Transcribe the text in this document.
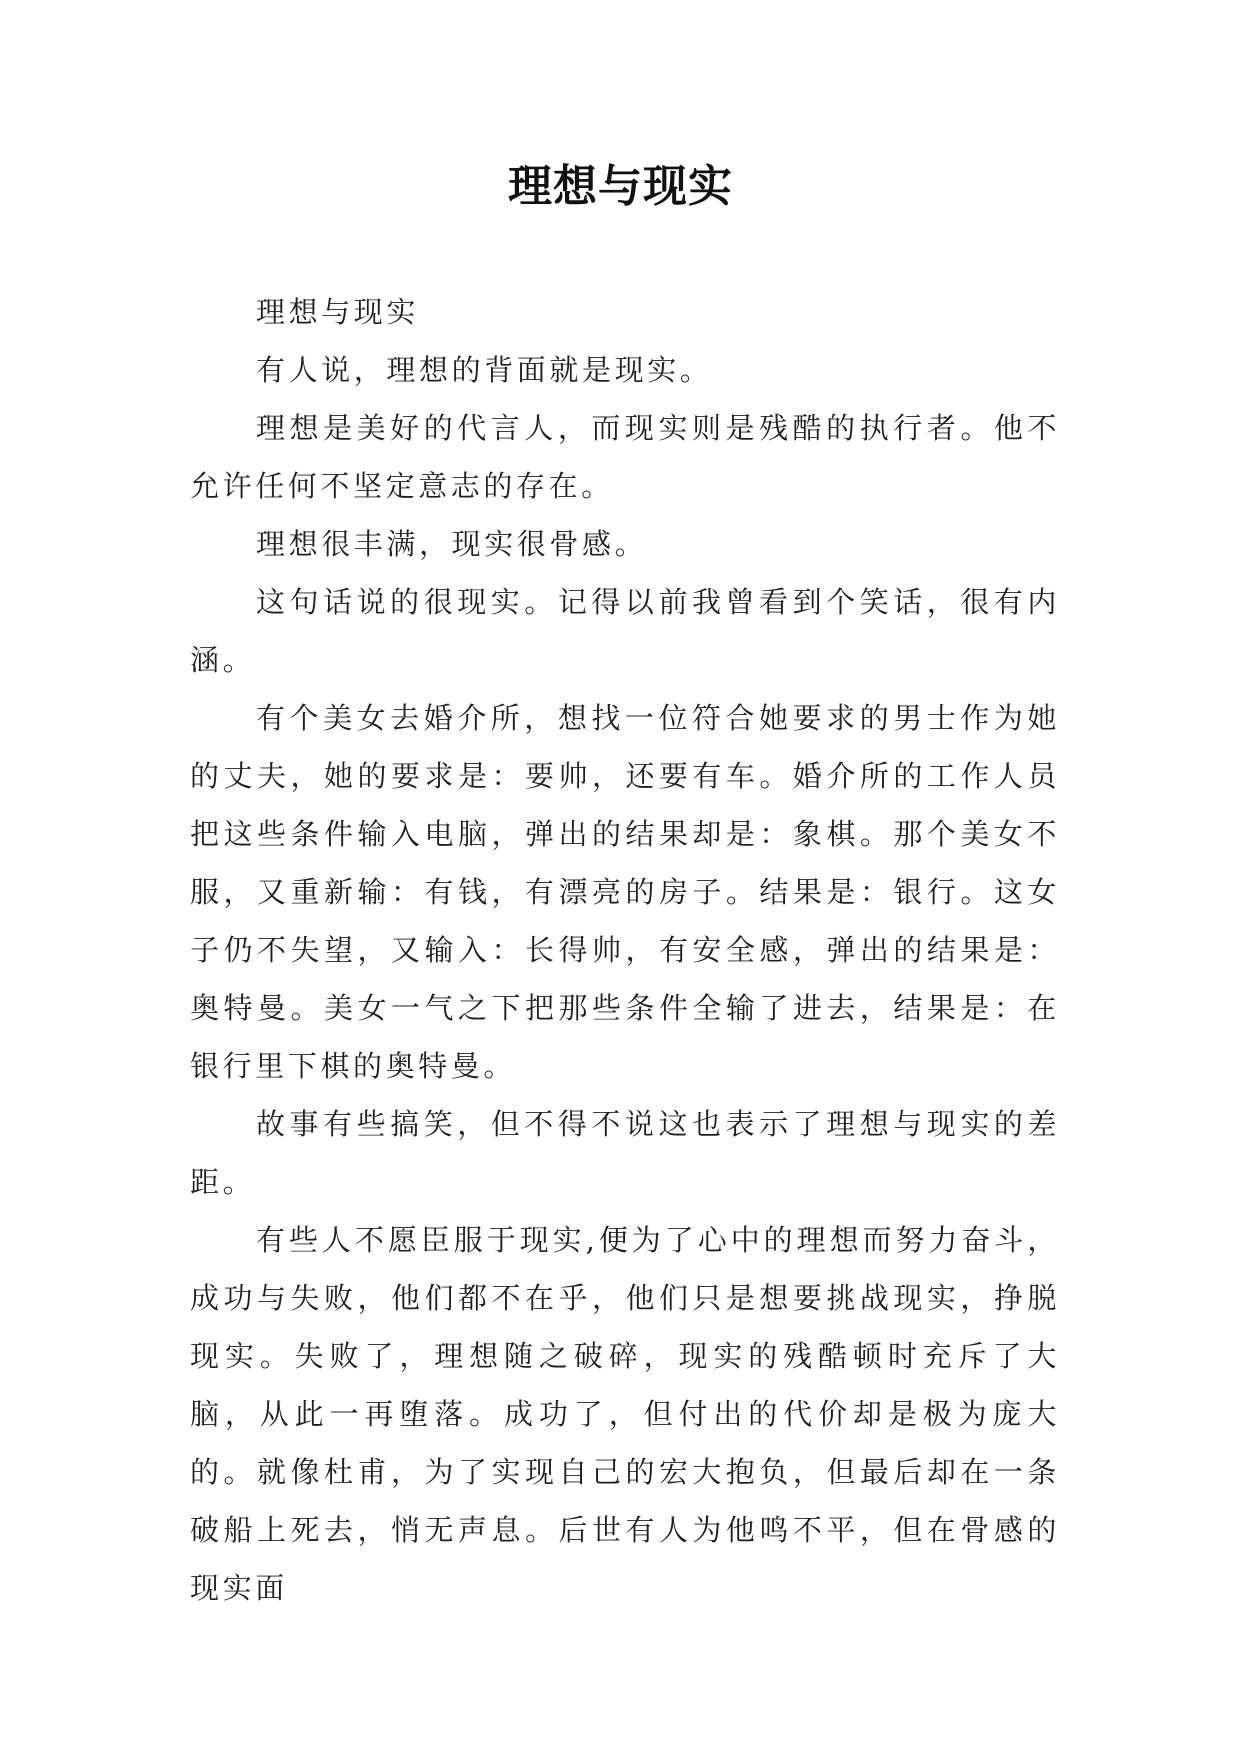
理想与现实

理想与现实

有人说，理想的背面就是现实。

理想是美好的代言人，而现实则是残酷的执行者。他不允许任何不坚定意志的存在。

理想很丰满，现实很骨感。

这句话说的很现实。记得以前我曾看到个笑话，很有内涵。

有个美女去婚介所，想找一位符合她要求的男士作为她的丈夫，她的要求是：要帅，还要有车。婚介所的工作人员把这些条件输入电脑，弹出的结果却是：象棋。那个美女不服，又重新输：有钱，有漂亮的房子。结果是：银行。这女子仍不失望，又输入：长得帅，有安全感，弹出的结果是：奥特曼。美女一气之下把那些条件全输了进去，结果是：在银行里下棋的奥特曼。

故事有些搞笑，但不得不说这也表示了理想与现实的差距。

有些人不愿臣服于现实,便为了心中的理想而努力奋斗，成功与失败，他们都不在乎，他们只是想要挑战现实，挣脱现实。失败了，理想随之破碎，现实的残酷顿时充斥了大脑，从此一再堕落。成功了，但付出的代价却是极为庞大的。就像杜甫，为了实现自己的宏大抱负，但最后却在一条破船上死去，悄无声息。后世有人为他鸣不平，但在骨感的现实面
